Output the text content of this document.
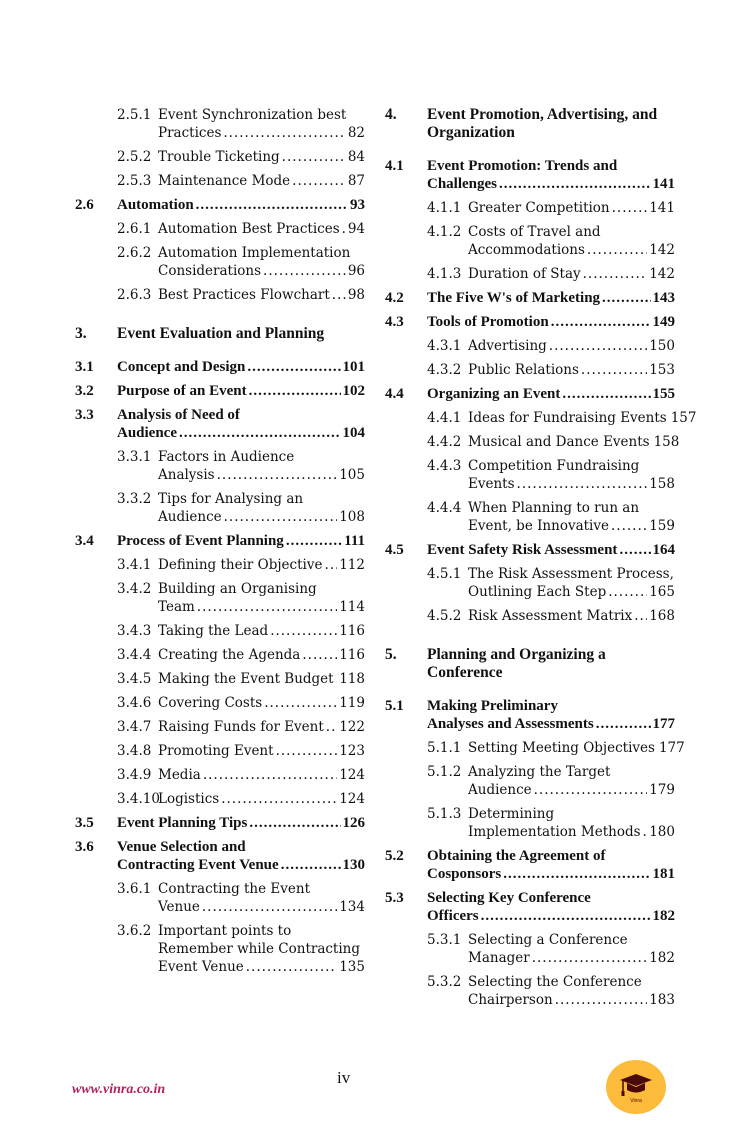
2.5.1 Event Synchronization best
Practices .....	82
2.5.2 Trouble Ticketing .....	84
2.5.3 Maintenance Mode .....	87
2.6 Automation .....	93
2.6.1 Automation Best Practices ..... 94
2.6.2 Automation Implementation
Considerations .....	96
2.6.3 Best Practices Flowchart ..... 98
3. Event Evaluation and Planning
3.1 Concept and Design .....	101
3.2 Purpose of an Event .....	102
3.3 Analysis of Need of
Audience .....	104
3.3.1 Factors in Audience
Analysis .....	105
3.3.2 Tips for Analysing an
Audience .....	108
3.4 Process of Event Planning .....	111
3.4.1 Defining their Objective ..... 112
3.4.2 Building an Organising
Team .....	114
3.4.3 Taking the Lead .....	116
3.4.4 Creating the Agenda .....	116
3.4.5 Making the Event Budget ..... 118
3.4.6 Covering Costs .....	119
3.4.7 Raising Funds for Event ..... 122
3.4.8 Promoting Event .....	123
3.4.9 Media .....	124
3.4.10
Logistics .....	124
3.5 Event Planning Tips .....	126
3.6 Venue Selection and
Contracting Event Venue .....	130
3.6.1 Contracting the Event
Venue .....	134
3.6.2 Important points to
Remember while Contracting
Event Venue .....	135
4. Event Promotion, Advertising, and
Organization
4.1 Event Promotion: Trends and
Challenges .....	141
4.1.1 Greater Competition .....	141
4.1.2 Costs of Travel and
Accommodations .....	142
4.1.3 Duration of Stay .....	142
4.2 The Five W's of Marketing .....	143
4.3 Tools of Promotion .....	149
4.3.1 Advertising .....	150
4.3.2 Public Relations .....	153
4.4 Organizing an Event .....	155
4.4.1 Ideas for Fundraising Events 157
4.4.2 Musical and Dance Events 158
4.4.3 Competition Fundraising
Events .....	158
4.4.4 When Planning to run an
Event, be Innovative .....	159
4.5 Event Safety Risk Assessment ..... 164
4.5.1 The Risk Assessment Process,
Outlining Each Step .....	165
4.5.2 Risk Assessment Matrix ..... 168
5. Planning and Organizing a
Conference
5.1 Making Preliminary
Analyses and Assessments .....	177
5.1.1 Setting Meeting Objectives 177
5.1.2 Analyzing the Target
Audience .....	179
5.1.3 Determining
Implementation Methods ..... 180
5.2 Obtaining the Agreement of
Cosponsors .....	181
5.3 Selecting Key Conference
Officers .....	182
5.3.1 Selecting a Conference
Manager .....	182
5.3.2 Selecting the Conference
Chairperson .....	183
www.vinra.co.in
iv
Vinra
